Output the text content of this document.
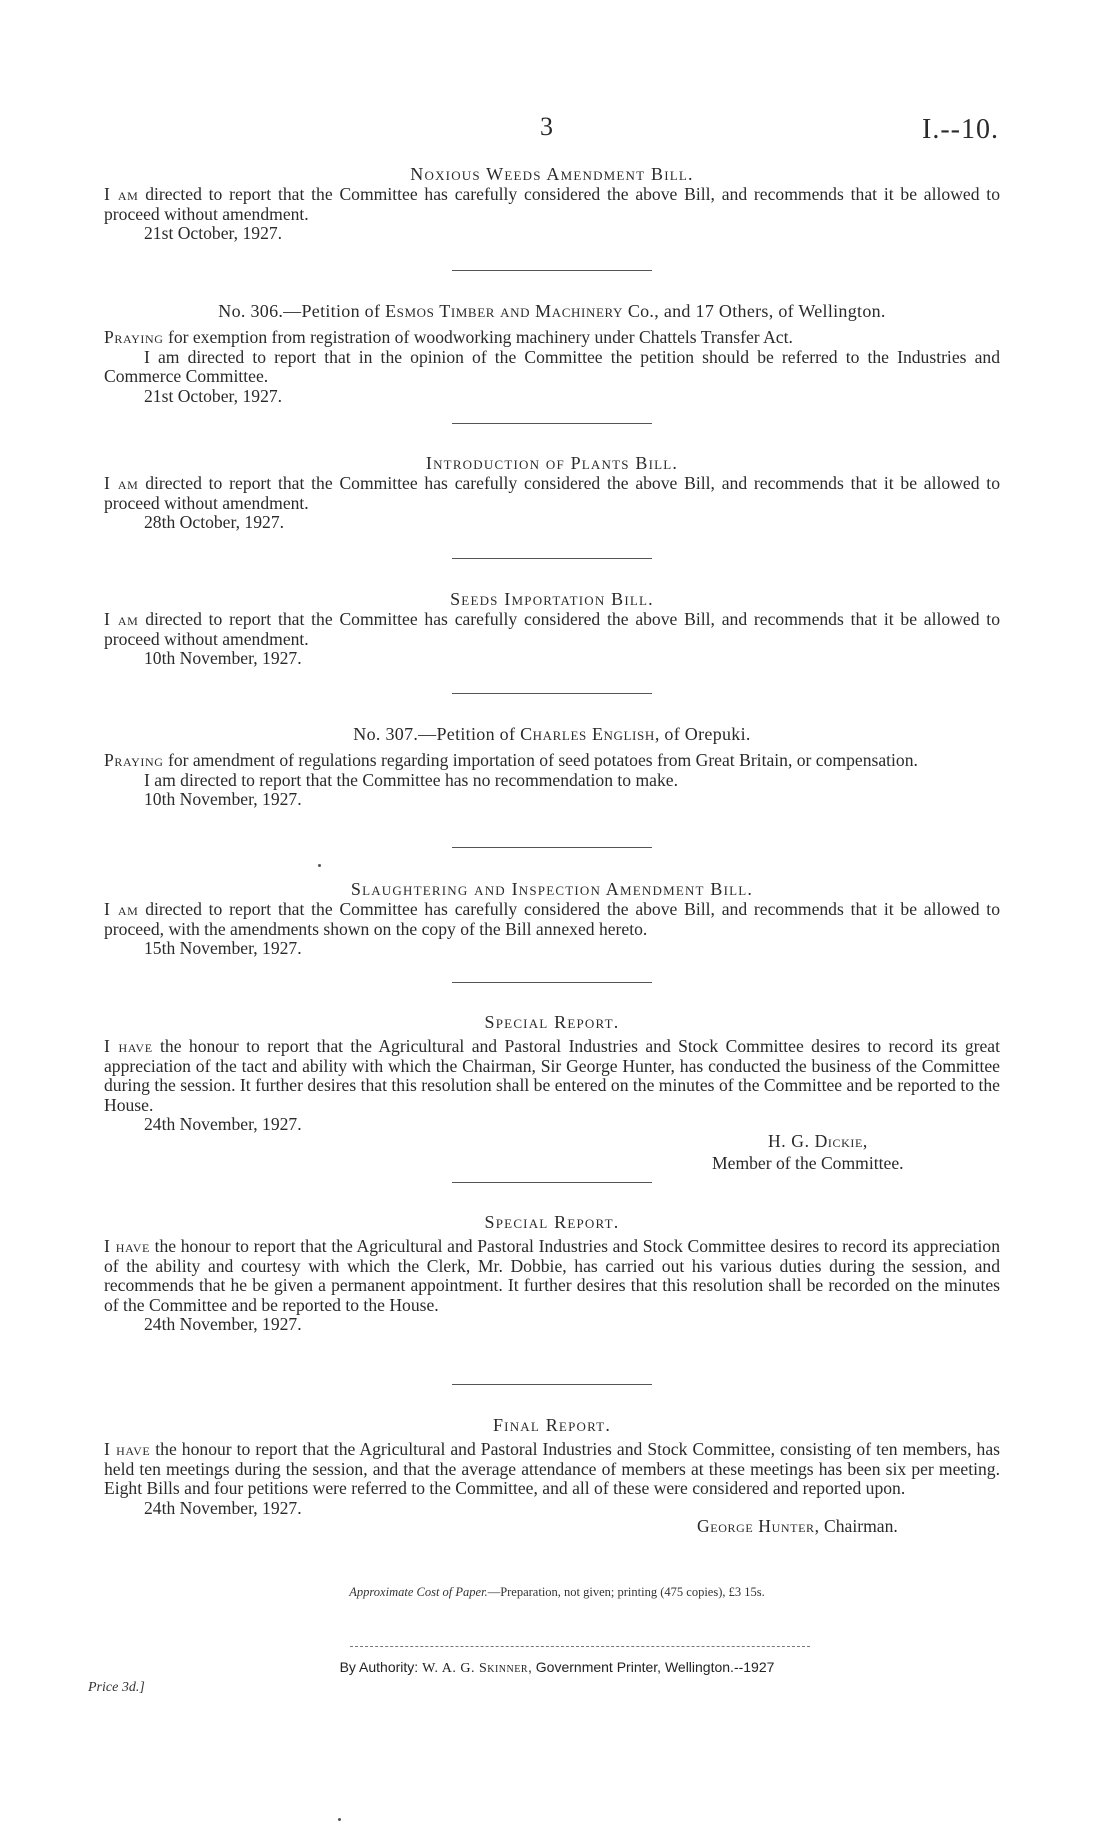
3	I.--10.

Noxious Weeds Amendment Bill.

I am directed to report that the Committee has carefully considered the above Bill, and recommends that it be allowed to proceed without amendment.

21st October, 1927.

No. 306.—Petition of Esmos Timber and Machinery Co., and 17 Others, of Wellington.

Praying for exemption from registration of woodworking machinery under Chattels Transfer Act.

I am directed to report that in the opinion of the Committee the petition should be referred to the Industries and Commerce Committee.

21st October, 1927.

Introduction of Plants Bill.

I am directed to report that the Committee has carefully considered the above Bill, and recommends that it be allowed to proceed without amendment.

28th October, 1927.

Seeds Importation Bill.

I am directed to report that the Committee has carefully considered the above Bill, and recommends that it be allowed to proceed without amendment.

10th November, 1927.

No. 307.—Petition of Charles English, of Orepuki.

Praying for amendment of regulations regarding importation of seed potatoes from Great Britain, or compensation.

I am directed to report that the Committee has no recommendation to make.

10th November, 1927.

Slaughtering and Inspection Amendment Bill.

I am directed to report that the Committee has carefully considered the above Bill, and recommends that it be allowed to proceed, with the amendments shown on the copy of the Bill annexed hereto.

15th November, 1927.

Special Report.

I have the honour to report that the Agricultural and Pastoral Industries and Stock Committee desires to record its great appreciation of the tact and ability with which the Chairman, Sir George Hunter, has conducted the business of the Committee during the session. It further desires that this resolution shall be entered on the minutes of the Committee and be reported to the House.

24th November, 1927.

H. G. Dickie,
Member of the Committee.

Special Report.

I have the honour to report that the Agricultural and Pastoral Industries and Stock Committee desires to record its appreciation of the ability and courtesy with which the Clerk, Mr. Dobbie, has carried out his various duties during the session, and recommends that he be given a permanent appointment. It further desires that this resolution shall be recorded on the minutes of the Committee and be reported to the House.

24th November, 1927.

Final Report.

I have the honour to report that the Agricultural and Pastoral Industries and Stock Committee, consisting of ten members, has held ten meetings during the session, and that the average attendance of members at these meetings has been six per meeting. Eight Bills and four petitions were referred to the Committee, and all of these were considered and reported upon.

24th November, 1927.

George Hunter, Chairman.
Approximate Cost of Paper.—Preparation, not given; printing (475 copies), £3 15s.
By Authority: W. A. G. Skinner, Government Printer, Wellington.--1927
Price 3d.]
